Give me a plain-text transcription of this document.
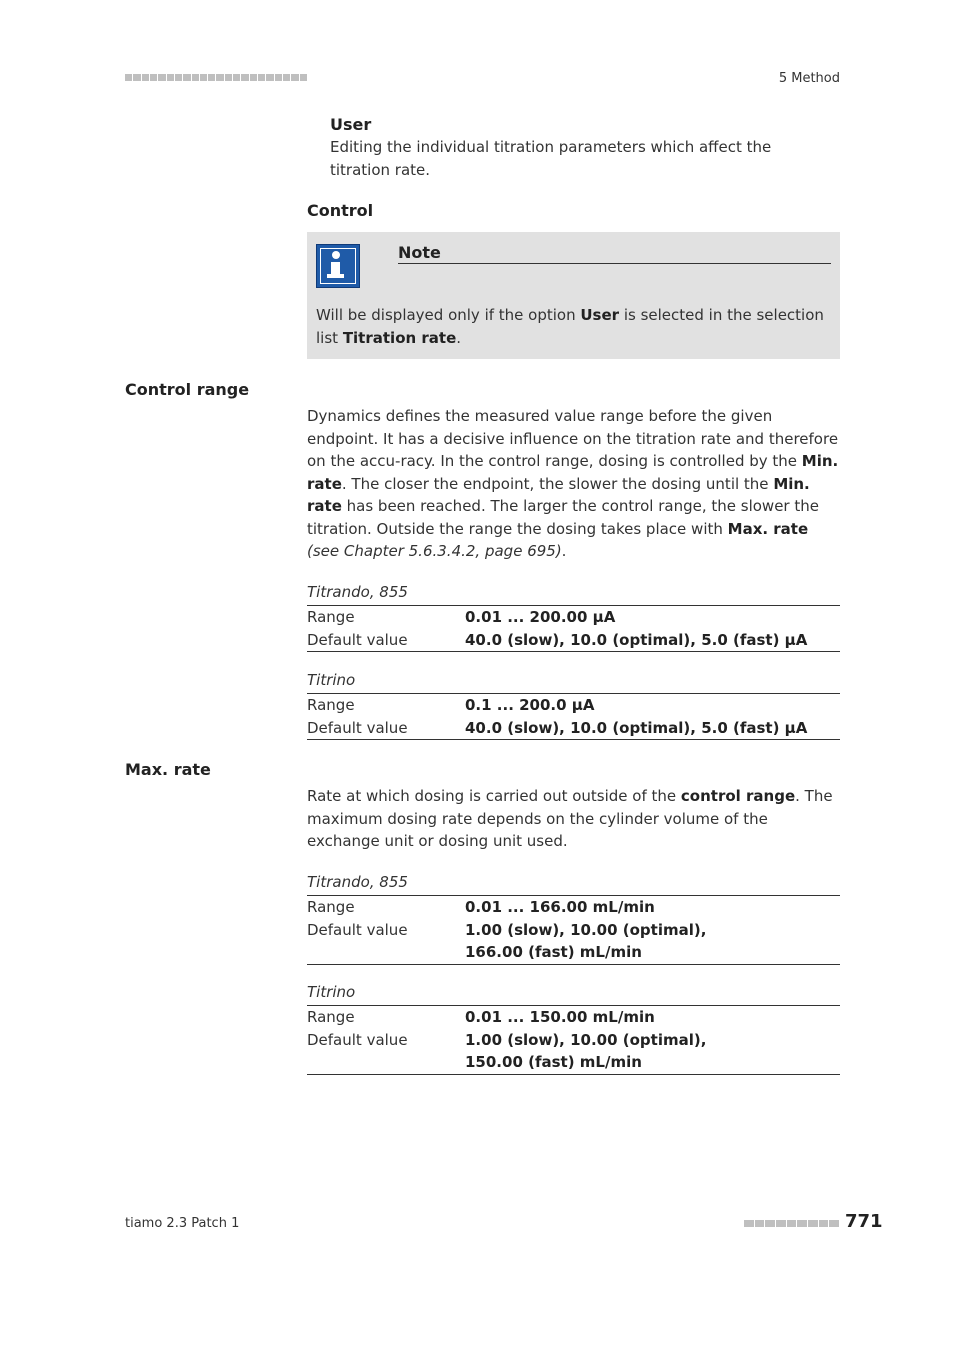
5 Method
User
Editing the individual titration parameters which affect the titration rate.
Control
Note
Will be displayed only if the option User is selected in the selection list Titration rate.
Control range
Dynamics defines the measured value range before the given endpoint. It has a decisive influence on the titration rate and therefore on the accu-racy. In the control range, dosing is controlled by the Min. rate. The closer the endpoint, the slower the dosing until the Min. rate has been reached. The larger the control range, the slower the titration. Outside the range the dosing takes place with Max. rate (see Chapter 5.6.3.4.2, page 695).
Titrando, 855
Range	0.01 ... 200.00 µA
Default value	40.0 (slow), 10.0 (optimal), 5.0 (fast) µA
Titrino
Range	0.1 ... 200.0 µA
Default value	40.0 (slow), 10.0 (optimal), 5.0 (fast) µA
Max. rate
Rate at which dosing is carried out outside of the control range. The maximum dosing rate depends on the cylinder volume of the exchange unit or dosing unit used.
Titrando, 855
Range	0.01 ... 166.00 mL/min
Default value	1.00 (slow), 10.00 (optimal), 166.00 (fast) mL/min
Titrino
Range	0.01 ... 150.00 mL/min
Default value	1.00 (slow), 10.00 (optimal), 150.00 (fast) mL/min
tiamo 2.3 Patch 1	771
